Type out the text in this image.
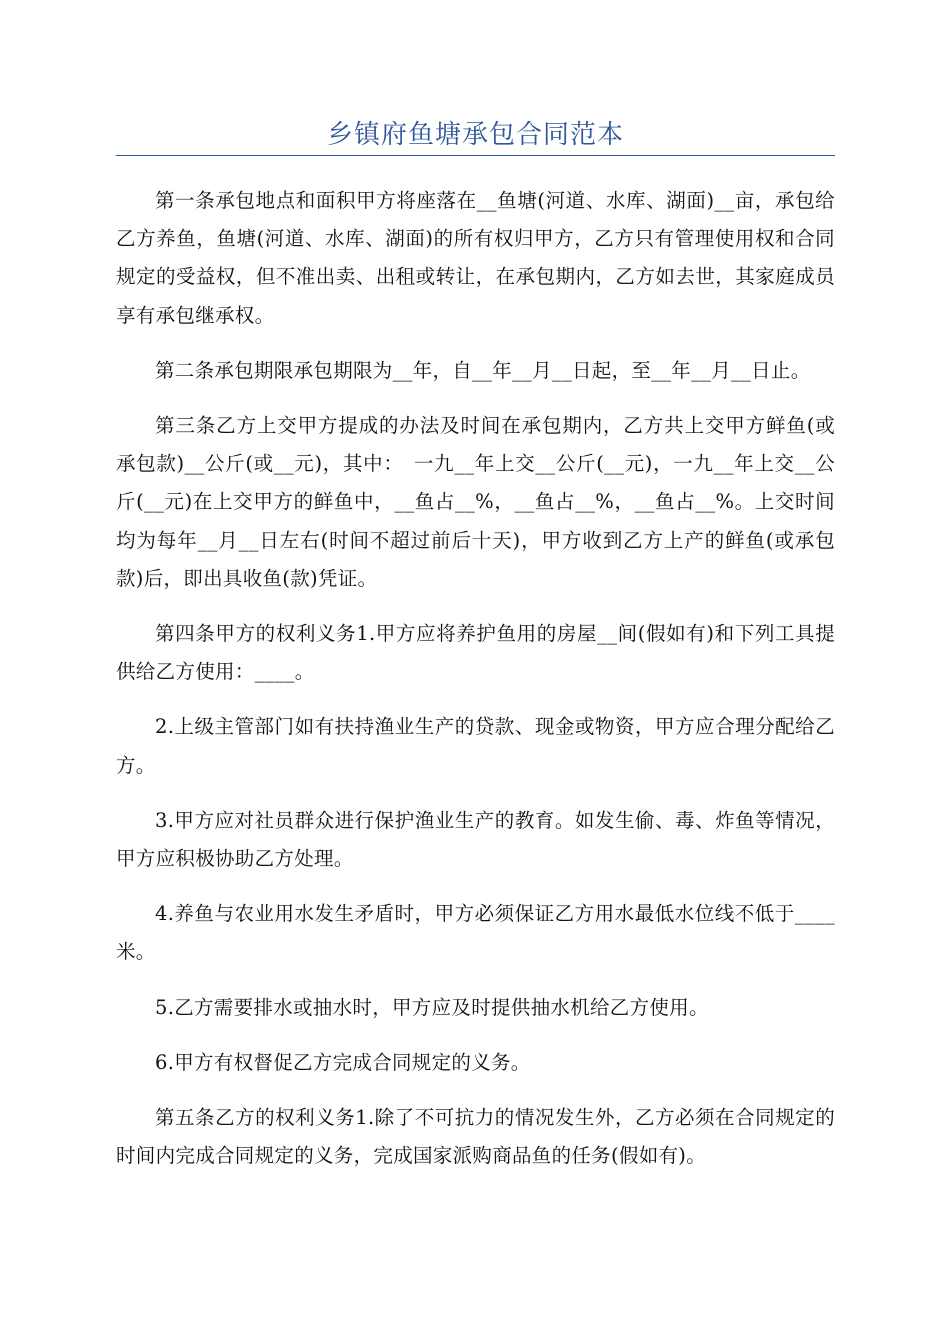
乡镇府鱼塘承包合同范本

第一条承包地点和面积甲方将座落在__鱼塘(河道、水库、湖面)__亩，承包给乙方养鱼，鱼塘(河道、水库、湖面)的所有权归甲方，乙方只有管理使用权和合同规定的受益权，但不准出卖、出租或转让，在承包期内，乙方如去世，其家庭成员享有承包继承权。

第二条承包期限承包期限为__年，自__年__月__日起，至__年__月__日止。

第三条乙方上交甲方提成的办法及时间在承包期内，乙方共上交甲方鲜鱼(或承包款)__公斤(或__元)，其中：　一九__年上交__公斤(__元)，一九__年上交__公斤(__元)在上交甲方的鲜鱼中，__鱼占__%，__鱼占__%，__鱼占__%。上交时间均为每年__月__日左右(时间不超过前后十天)，甲方收到乙方上产的鲜鱼(或承包款)后，即出具收鱼(款)凭证。

第四条甲方的权利义务1.甲方应将养护鱼用的房屋__间(假如有)和下列工具提供给乙方使用：____。

2.上级主管部门如有扶持渔业生产的贷款、现金或物资，甲方应合理分配给乙方。

3.甲方应对社员群众进行保护渔业生产的教育。如发生偷、毒、炸鱼等情况，甲方应积极协助乙方处理。

4.养鱼与农业用水发生矛盾时，甲方必须保证乙方用水最低水位线不低于____米。

5.乙方需要排水或抽水时，甲方应及时提供抽水机给乙方使用。

6.甲方有权督促乙方完成合同规定的义务。

第五条乙方的权利义务1.除了不可抗力的情况发生外，乙方必须在合同规定的时间内完成合同规定的义务，完成国家派购商品鱼的任务(假如有)。
